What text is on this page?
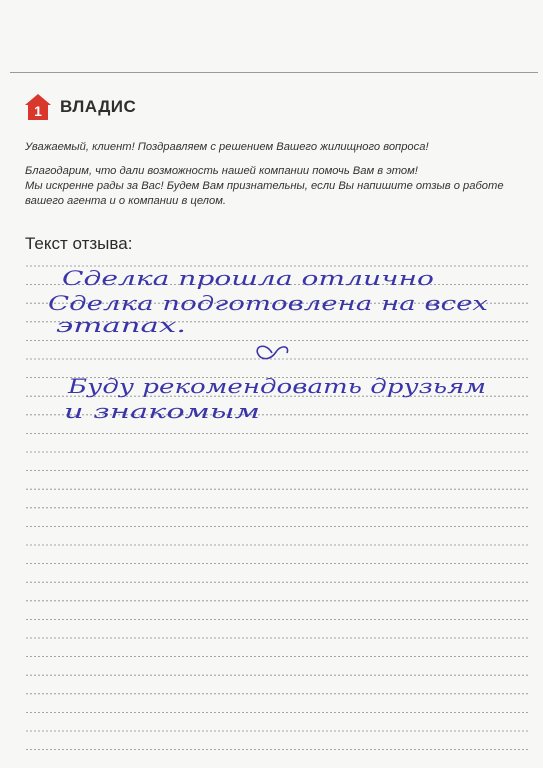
1 ВЛАДИС
Уважаемый, клиент! Поздравляем с решением Вашего жилищного вопроса!
Благодарим, что дали возможность нашей компании помочь Вам в этом!
Мы искренне рады за Вас! Будем Вам признательны, если Вы напишите отзыв о работе
вашего агента и о компании в целом.
Текст отзыва:
Сделка прошла отлично
Сделка подготовлена на всех
этапах.
Буду рекомендовать друзьям
и знакомым
